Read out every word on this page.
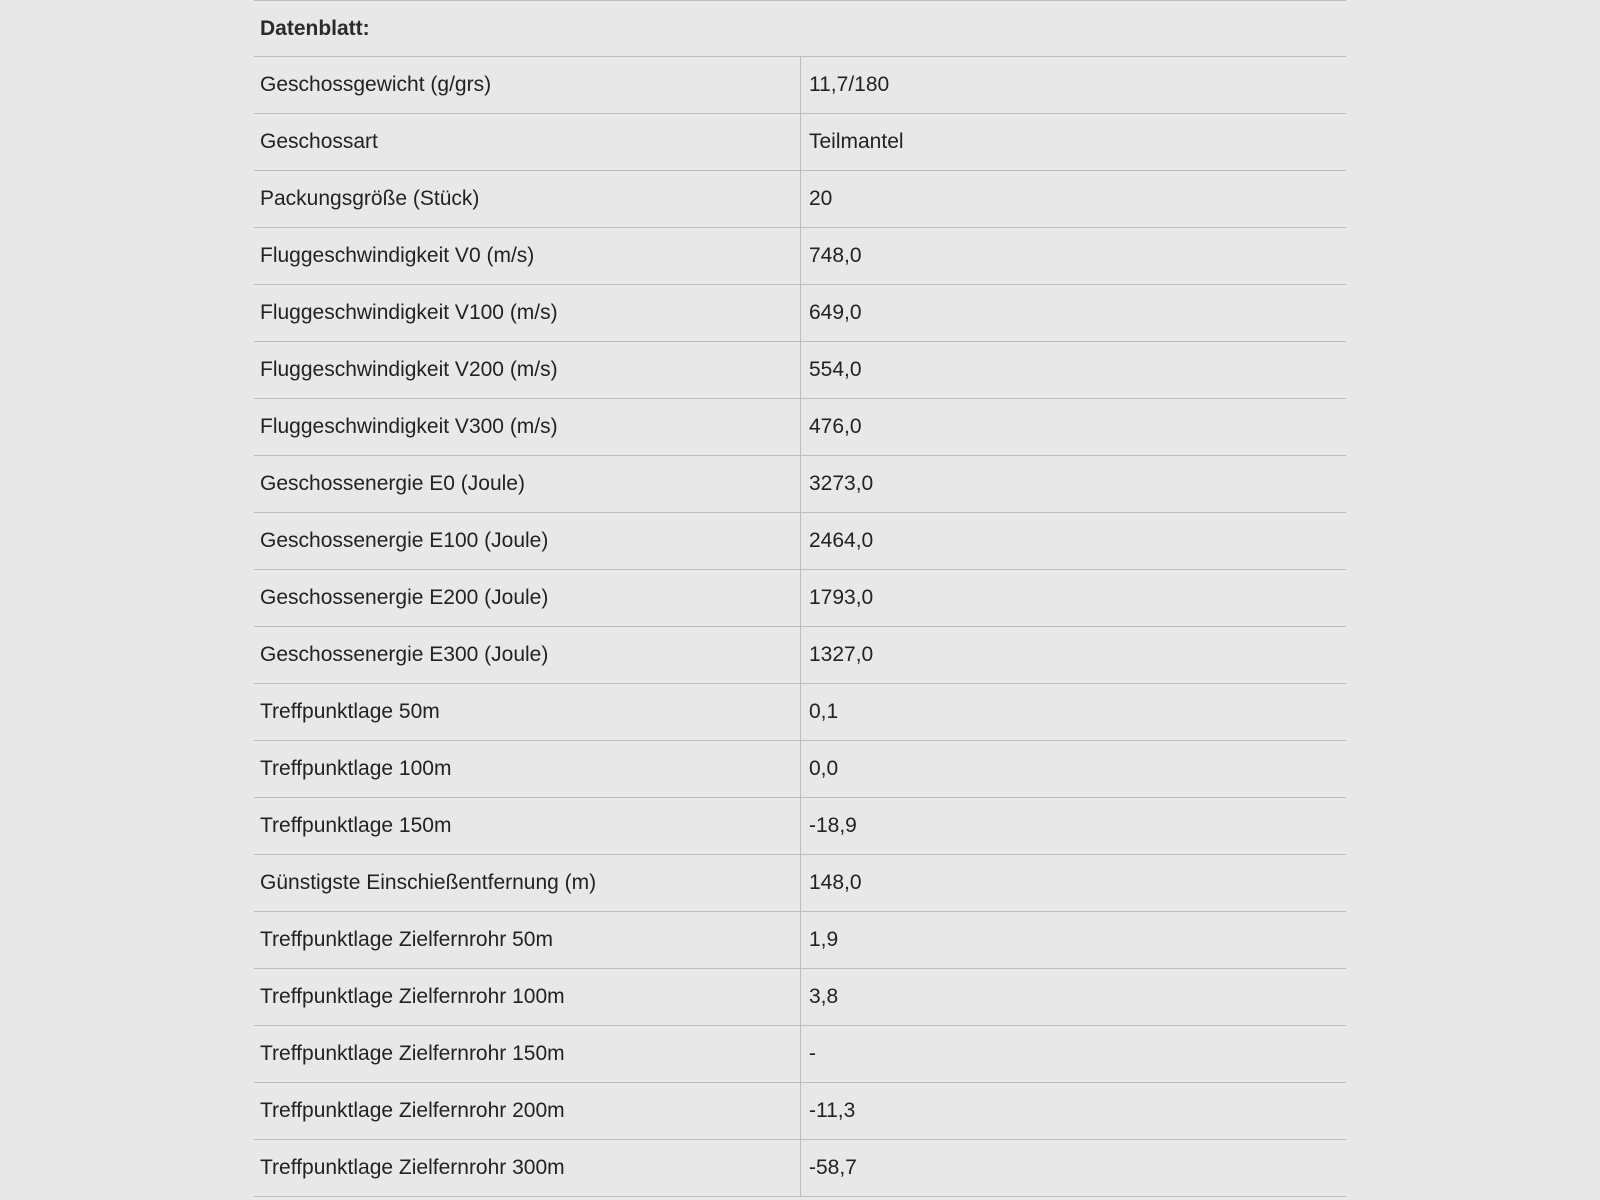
Datenblatt:
Geschossgewicht (g/grs)	11,7/180
Geschossart	Teilmantel
Packungsgröße (Stück)	20
Fluggeschwindigkeit V0 (m/s)	748,0
Fluggeschwindigkeit V100 (m/s)	649,0
Fluggeschwindigkeit V200 (m/s)	554,0
Fluggeschwindigkeit V300 (m/s)	476,0
Geschossenergie E0 (Joule)	3273,0
Geschossenergie E100 (Joule)	2464,0
Geschossenergie E200 (Joule)	1793,0
Geschossenergie E300 (Joule)	1327,0
Treffpunktlage 50m	0,1
Treffpunktlage 100m	0,0
Treffpunktlage 150m	-18,9
Günstigste Einschießentfernung (m)	148,0
Treffpunktlage Zielfernrohr 50m	1,9
Treffpunktlage Zielfernrohr 100m	3,8
Treffpunktlage Zielfernrohr 150m	-
Treffpunktlage Zielfernrohr 200m	-11,3
Treffpunktlage Zielfernrohr 300m	-58,7
